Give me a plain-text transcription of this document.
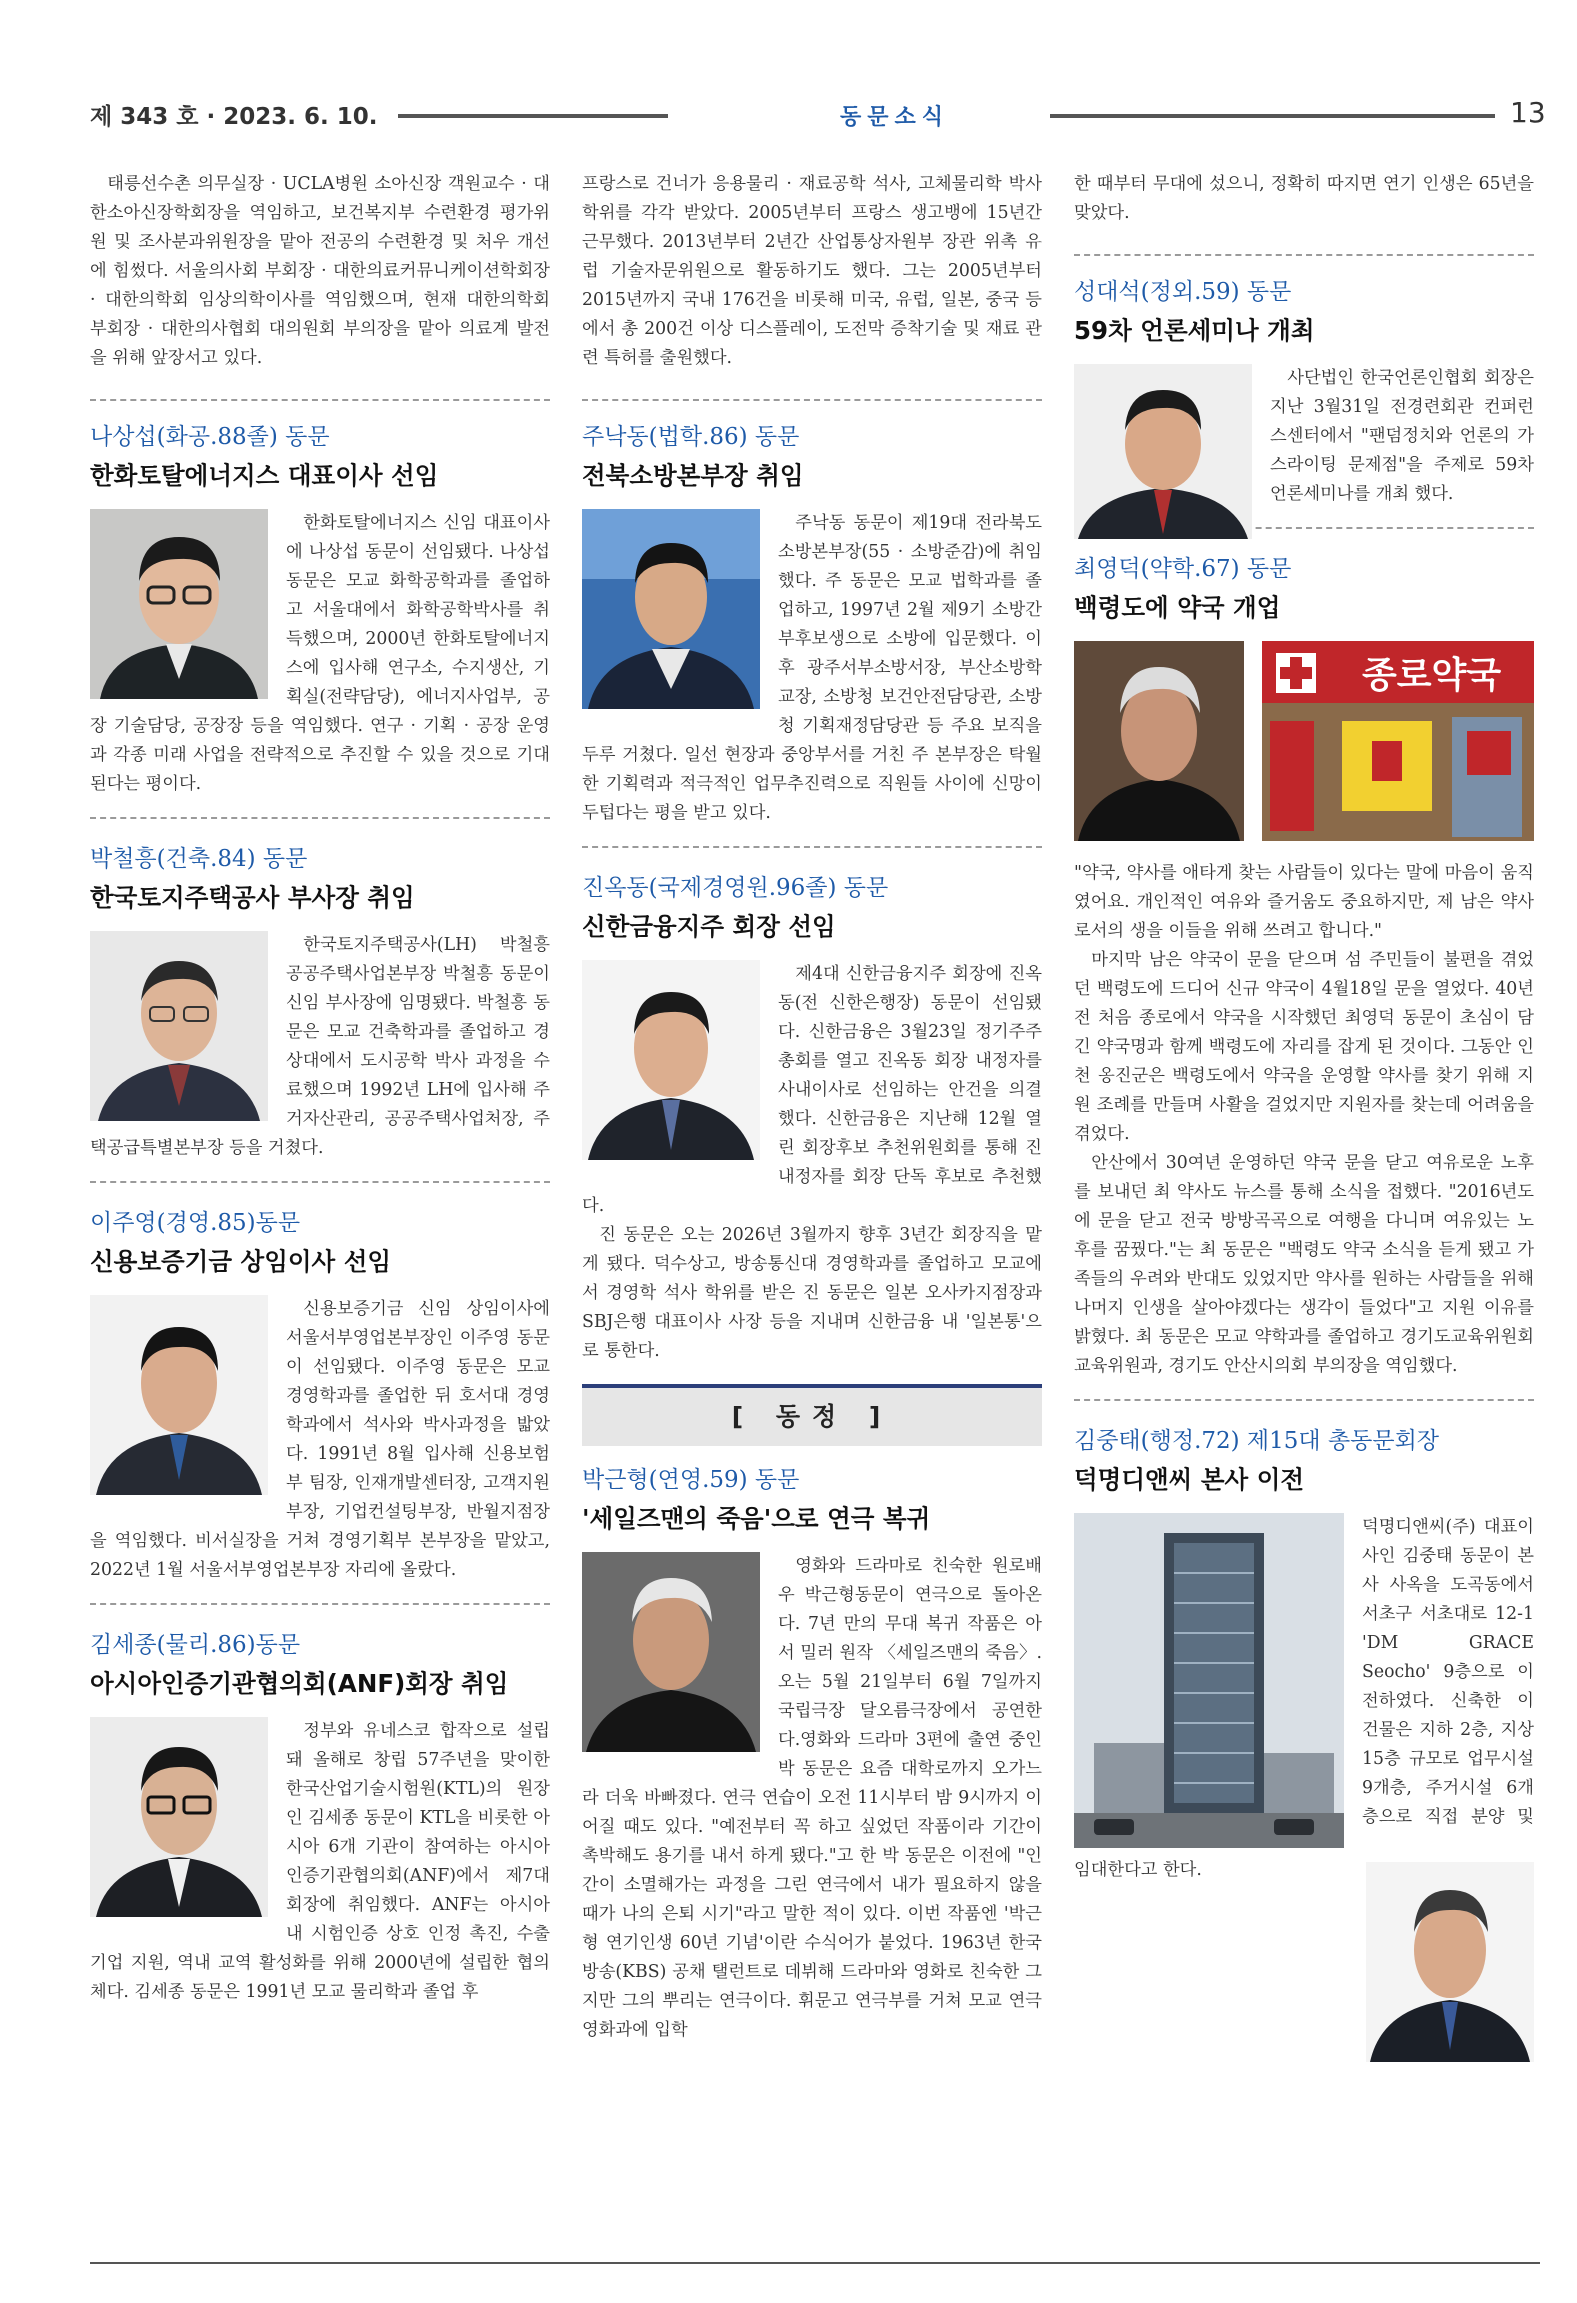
제 343 호 · 2023. 6. 10.	동문소식	13

태릉선수촌 의무실장 · UCLA병원 소아신장 객원교수 · 대한소아신장학회장을 역임하고, 보건복지부 수련환경 평가위원 및 조사분과위원장을 맡아 전공의 수련환경 및 처우 개선에 힘썼다. 서울의사회 부회장 · 대한의료커뮤니케이션학회장 · 대한의학회 임상의학이사를 역임했으며, 현재 대한의학회 부회장 · 대한의사협회 대의원회 부의장을 맡아 의료계 발전을 위해 앞장서고 있다.

나상섭(화공.88졸) 동문

한화토탈에너지스 대표이사 선임

한화토탈에너지스 신임 대표이사에 나상섭 동문이 선임됐다. 나상섭 동문은 모교 화학공학과를 졸업하고 서울대에서 화학공학박사를 취득했으며, 2000년 한화토탈에너지스에 입사해 연구소, 수지생산, 기획실(전략담당), 에너지사업부, 공장 기술담당, 공장장 등을 역임했다. 연구 · 기획 · 공장 운영과 각종 미래 사업을 전략적으로 추진할 수 있을 것으로 기대된다는 평이다.

박철흥(건축.84) 동문

한국토지주택공사 부사장 취임

한국토지주택공사(LH) 박철흥 공공주택사업본부장 박철흥 동문이 신임 부사장에 임명됐다. 박철흥 동문은 모교 건축학과를 졸업하고 경상대에서 도시공학 박사 과정을 수료했으며 1992년 LH에 입사해 주거자산관리, 공공주택사업처장, 주택공급특별본부장 등을 거쳤다.

이주영(경영.85)동문

신용보증기금 상임이사 선임

신용보증기금 신임 상임이사에 서울서부영업본부장인 이주영 동문이 선임됐다. 이주영 동문은 모교 경영학과를 졸업한 뒤 호서대 경영학과에서 석사와 박사과정을 밟았다. 1991년 8월 입사해 신용보험부 팀장, 인재개발센터장, 고객지원부장, 기업컨설팅부장, 반월지점장을 역임했다. 비서실장을 거쳐 경영기획부 본부장을 맡았고, 2022년 1월 서울서부영업본부장 자리에 올랐다.

김세종(물리.86)동문

아시아인증기관협의회(ANF)회장 취임

정부와 유네스코 합작으로 설립돼 올해로 창립 57주년을 맞이한 한국산업기술시험원(KTL)의 원장인 김세종 동문이 KTL을 비롯한 아시아 6개 기관이 참여하는 아시아인증기관협의회(ANF)에서 제7대 회장에 취임했다. ANF는 아시아 내 시험인증 상호 인정 촉진, 수출기업 지원, 역내 교역 활성화를 위해 2000년에 설립한 협의체다. 김세종 동문은 1991년 모교 물리학과 졸업 후

프랑스로 건너가 응용물리 · 재료공학 석사, 고체물리학 박사 학위를 각각 받았다. 2005년부터 프랑스 생고뱅에 15년간 근무했다. 2013년부터 2년간 산업통상자원부 장관 위촉 유럽 기술자문위원으로 활동하기도 했다. 그는 2005년부터 2015년까지 국내 176건을 비롯해 미국, 유럽, 일본, 중국 등에서 총 200건 이상 디스플레이, 도전막 증착기술 및 재료 관련 특허를 출원했다.

주낙동(법학.86) 동문

전북소방본부장 취임

주낙동 동문이 제19대 전라북도 소방본부장(55 · 소방준감)에 취임했다. 주 동문은 모교 법학과를 졸업하고, 1997년 2월 제9기 소방간부후보생으로 소방에 입문했다. 이후 광주서부소방서장, 부산소방학교장, 소방청 보건안전담당관, 소방청 기획재정담당관 등 주요 보직을 두루 거쳤다. 일선 현장과 중앙부서를 거친 주 본부장은 탁월한 기획력과 적극적인 업무추진력으로 직원들 사이에 신망이 두텁다는 평을 받고 있다.

진옥동(국제경영원.96졸) 동문

신한금융지주 회장 선임

제4대 신한금융지주 회장에 진옥동(전 신한은행장) 동문이 선임됐다. 신한금융은 3월23일 정기주주총회를 열고 진옥동 회장 내정자를 사내이사로 선임하는 안건을 의결했다. 신한금융은 지난해 12월 열린 회장후보 추천위원회를 통해 진 내정자를 회장 단독 후보로 추천했다.

진 동문은 오는 2026년 3월까지 향후 3년간 회장직을 맡게 됐다. 덕수상고, 방송통신대 경영학과를 졸업하고 모교에서 경영학 석사 학위를 받은 진 동문은 일본 오사카지점장과 SBJ은행 대표이사 사장 등을 지내며 신한금융 내 '일본통'으로 통한다.

[ 동정 ]

박근형(연영.59) 동문

'세일즈맨의 죽음'으로 연극 복귀

영화와 드라마로 친숙한 원로배우 박근형동문이 연극으로 돌아온다. 7년 만의 무대 복귀 작품은 아서 밀러 원작 〈세일즈맨의 죽음〉. 오는 5월 21일부터 6월 7일까지 국립극장 달오름극장에서 공연한다.영화와 드라마 3편에 출연 중인 박 동문은 요즘 대학로까지 오가느라 더욱 바빠졌다. 연극 연습이 오전 11시부터 밤 9시까지 이어질 때도 있다. "예전부터 꼭 하고 싶었던 작품이라 기간이 촉박해도 용기를 내서 하게 됐다."고 한 박 동문은 이전에 "인간이 소멸해가는 과정을 그린 연극에서 내가 필요하지 않을 때가 나의 은퇴 시기"라고 말한 적이 있다. 이번 작품엔 '박근형 연기인생 60년 기념'이란 수식어가 붙었다. 1963년 한국방송(KBS) 공채 탤런트로 데뷔해 드라마와 영화로 친숙한 그지만 그의 뿌리는 연극이다. 휘문고 연극부를 거쳐 모교 연극영화과에 입학

한 때부터 무대에 섰으니, 정확히 따지면 연기 인생은 65년을 맞았다.

성대석(정외.59) 동문

59차 언론세미나 개최

사단법인 한국언론인협회 회장은 지난 3월31일 전경련회관 컨퍼런스센터에서 "팬덤정치와 언론의 가스라이팅 문제점"을 주제로 59차 언론세미나를 개최 했다.

최영덕(약학.67) 동문

백령도에 약국 개업

종로약국

"약국, 약사를 애타게 찾는 사람들이 있다는 말에 마음이 움직였어요. 개인적인 여유와 즐거움도 중요하지만, 제 남은 약사로서의 생을 이들을 위해 쓰려고 합니다."

마지막 남은 약국이 문을 닫으며 섬 주민들이 불편을 겪었던 백령도에 드디어 신규 약국이 4월18일 문을 열었다. 40년 전 처음 종로에서 약국을 시작했던 최영덕 동문이 초심이 담긴 약국명과 함께 백령도에 자리를 잡게 된 것이다. 그동안 인천 옹진군은 백령도에서 약국을 운영할 약사를 찾기 위해 지원 조례를 만들며 사활을 걸었지만 지원자를 찾는데 어려움을 겪었다.

안산에서 30여년 운영하던 약국 문을 닫고 여유로운 노후를 보내던 최 약사도 뉴스를 통해 소식을 접했다. "2016년도에 문을 닫고 전국 방방곡곡으로 여행을 다니며 여유있는 노후를 꿈꿨다."는 최 동문은 "백령도 약국 소식을 듣게 됐고 가족들의 우려와 반대도 있었지만 약사를 원하는 사람들을 위해 나머지 인생을 살아야겠다는 생각이 들었다"고 지원 이유를 밝혔다. 최 동문은 모교 약학과를 졸업하고 경기도교육위원회 교육위원과, 경기도 안산시의회 부의장을 역임했다.

김중태(행정.72) 제15대 총동문회장

덕명디앤씨 본사 이전

덕명디앤씨(주) 대표이사인 김중태 동문이 본사 사옥을 도곡동에서 서초구 서초대로 12-1 'DM GRACE Seocho' 9층으로 이전하였다. 신축한 이 건물은 지하 2층, 지상 15층 규모로 업무시설 9개층, 주거시설 6개 층으로 직접 분양 및 임대한다고 한다.
